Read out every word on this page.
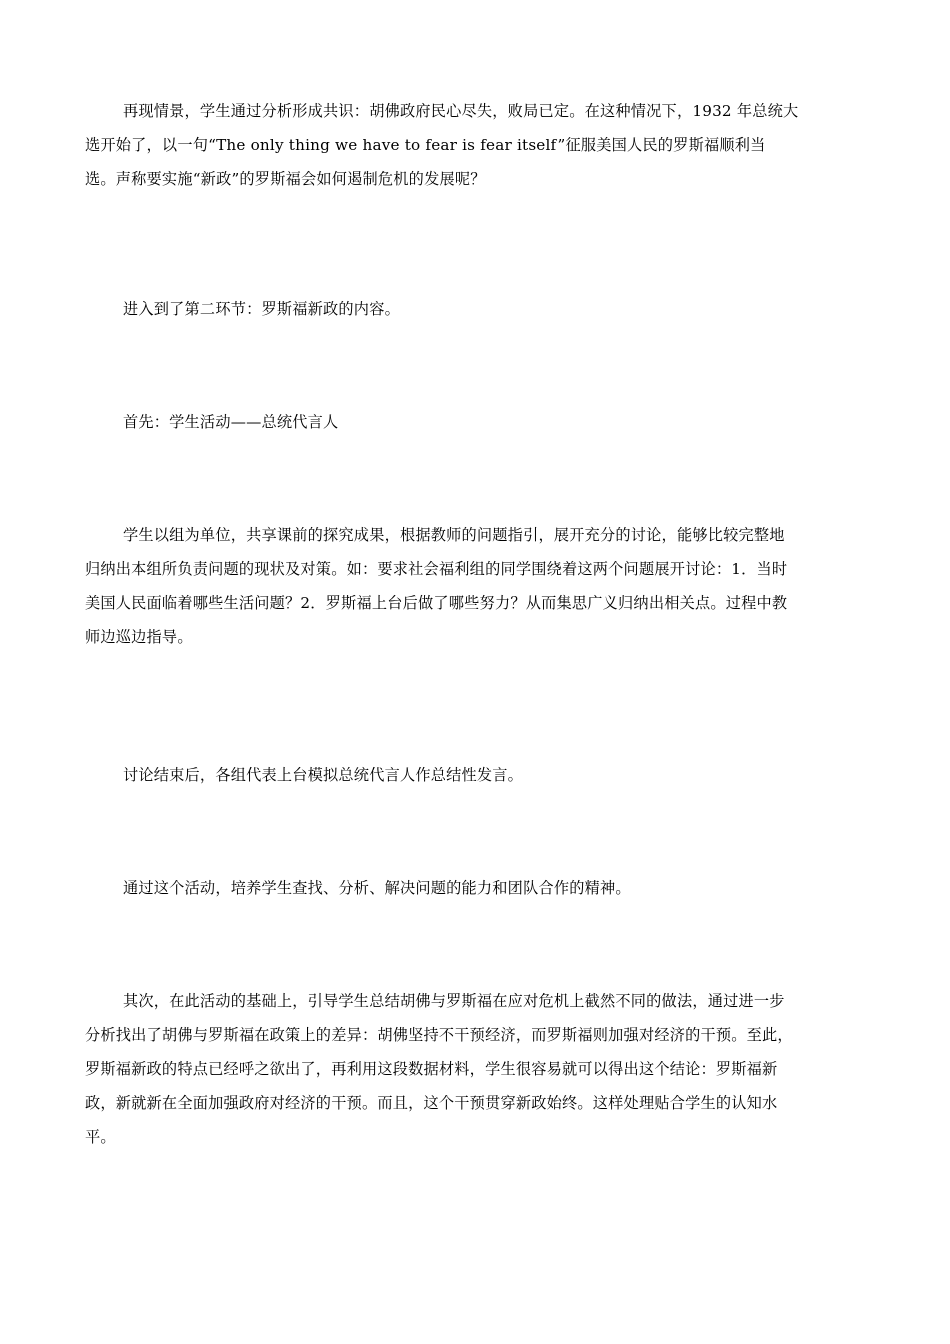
再现情景，学生通过分析形成共识：胡佛政府民心尽失，败局已定。在这种情况下，1932 年总统大
选开始了，以一句“The only thing we have to fear is fear itself”征服美国人民的罗斯福顺利当
选。声称要实施“新政”的罗斯福会如何遏制危机的发展呢？
进入到了第二环节：罗斯福新政的内容。
首先：学生活动——总统代言人
学生以组为单位，共享课前的探究成果，根据教师的问题指引，展开充分的讨论，能够比较完整地
归纳出本组所负责问题的现状及对策。如：要求社会福利组的同学围绕着这两个问题展开讨论：1．当时
美国人民面临着哪些生活问题？2．罗斯福上台后做了哪些努力？从而集思广义归纳出相关点。过程中教
师边巡边指导。
讨论结束后，各组代表上台模拟总统代言人作总结性发言。
通过这个活动，培养学生查找、分析、解决问题的能力和团队合作的精神。
其次，在此活动的基础上，引导学生总结胡佛与罗斯福在应对危机上截然不同的做法，通过进一步
分析找出了胡佛与罗斯福在政策上的差异：胡佛坚持不干预经济，而罗斯福则加强对经济的干预。至此，
罗斯福新政的特点已经呼之欲出了，再利用这段数据材料，学生很容易就可以得出这个结论：罗斯福新
政，新就新在全面加强政府对经济的干预。而且，这个干预贯穿新政始终。这样处理贴合学生的认知水
平。
